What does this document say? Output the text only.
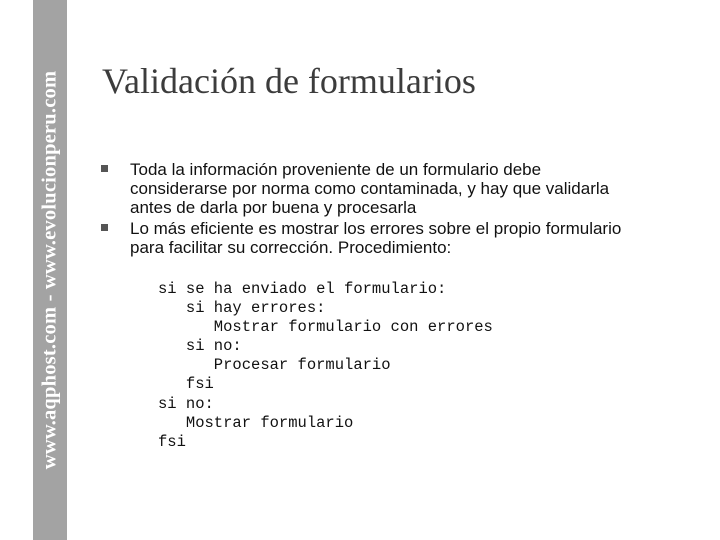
www.aqphost.com - www.evolucionperu.com Validación de formularios
Toda la información proveniente de un formulario debe considerarse por norma como contaminada, y hay que validarla antes de darla por buena y procesarla
Lo más eficiente es mostrar los errores sobre el propio formulario para facilitar su corrección. Procedimiento:
si se ha enviado el formulario:
si hay errores:
Mostrar formulario con errores
si no:
Procesar formulario
fsi
si no:
Mostrar formulario
fsi
